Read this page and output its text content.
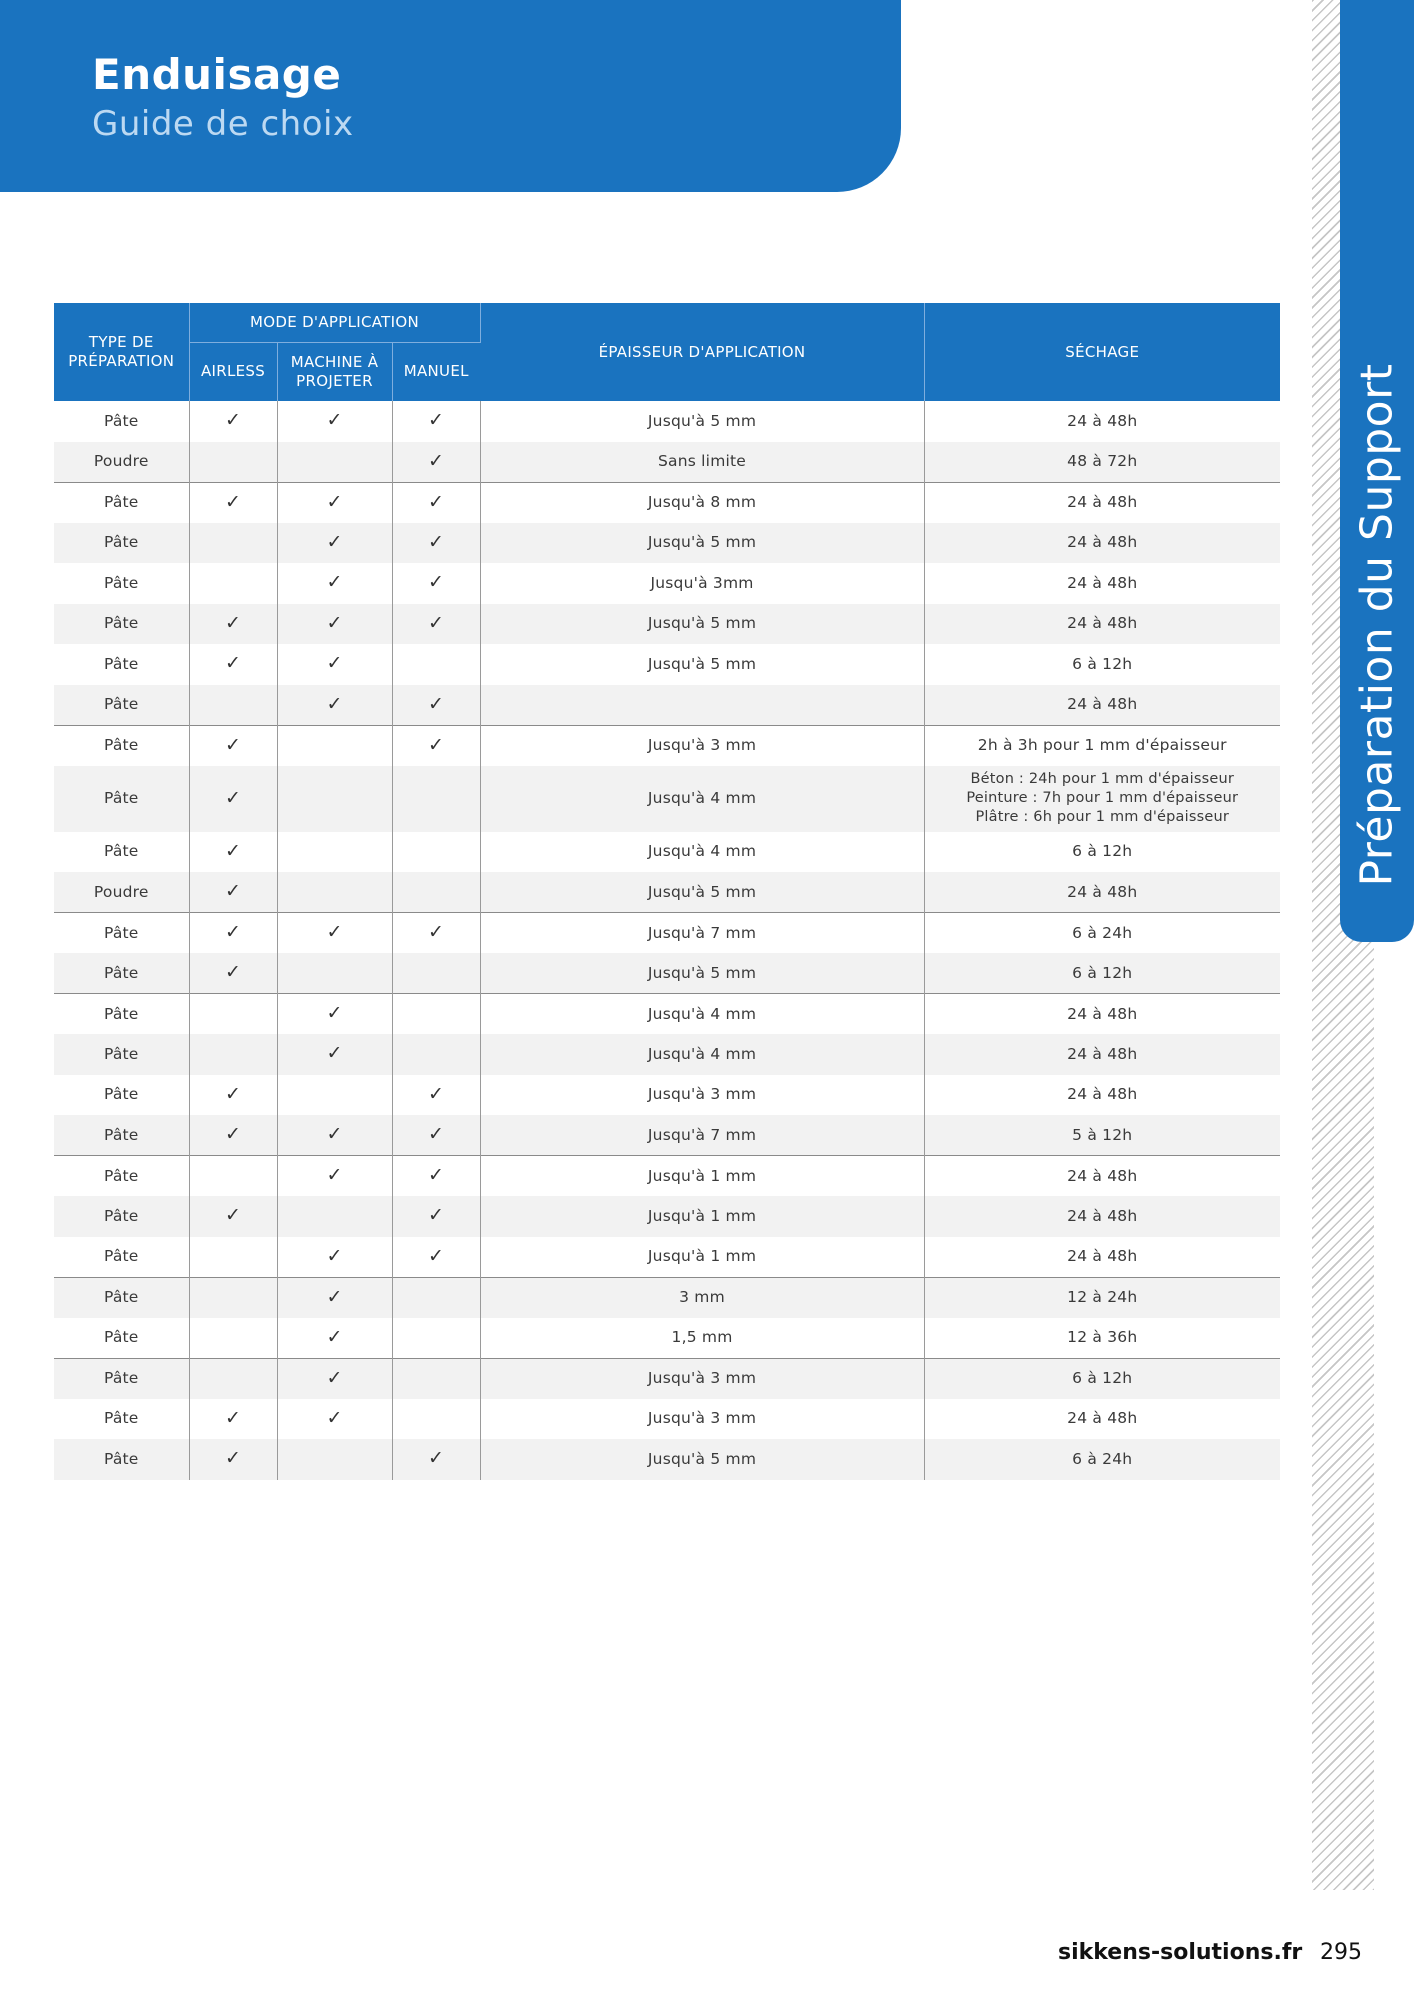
Enduisage
Guide de choix
Préparation du Support
TYPE DE PRÉPARATION	MODE D'APPLICATION			ÉPAISSEUR D'APPLICATION	SÉCHAGE
	AIRLESS	MACHINE À PROJETER	MANUEL		
Pâte	✓	✓	✓	Jusqu'à 5 mm	24 à 48h
Poudre			✓	Sans limite	48 à 72h
Pâte	✓	✓	✓	Jusqu'à 8 mm	24 à 48h
Pâte		✓	✓	Jusqu'à 5 mm	24 à 48h
Pâte		✓	✓	Jusqu'à 3mm	24 à 48h
Pâte	✓	✓	✓	Jusqu'à 5 mm	24 à 48h
Pâte	✓	✓		Jusqu'à 5 mm	6 à 12h
Pâte		✓	✓		24 à 48h
Pâte	✓		✓	Jusqu'à 3 mm	2h à 3h pour 1 mm d'épaisseur
Pâte	✓			Jusqu'à 4 mm	Béton : 24h pour 1 mm d'épaisseur
Peinture : 7h pour 1 mm d'épaisseur
Plâtre : 6h pour 1 mm d'épaisseur
Pâte	✓			Jusqu'à 4 mm	6 à 12h
Poudre	✓			Jusqu'à 5 mm	24 à 48h
Pâte	✓	✓	✓	Jusqu'à 7 mm	6 à 24h
Pâte	✓			Jusqu'à 5 mm	6 à 12h
Pâte		✓		Jusqu'à 4 mm	24 à 48h
Pâte		✓		Jusqu'à 4 mm	24 à 48h
Pâte	✓		✓	Jusqu'à 3 mm	24 à 48h
Pâte	✓	✓	✓	Jusqu'à 7 mm	5 à 12h
Pâte		✓	✓	Jusqu'à 1 mm	24 à 48h
Pâte	✓		✓	Jusqu'à 1 mm	24 à 48h
Pâte		✓	✓	Jusqu'à 1 mm	24 à 48h
Pâte		✓		3 mm	12 à 24h
Pâte		✓		1,5 mm	12 à 36h
Pâte		✓		Jusqu'à 3 mm	6 à 12h
Pâte	✓	✓		Jusqu'à 3 mm	24 à 48h
Pâte	✓		✓	Jusqu'à 5 mm	6 à 24h
sikkens-solutions.fr 295
